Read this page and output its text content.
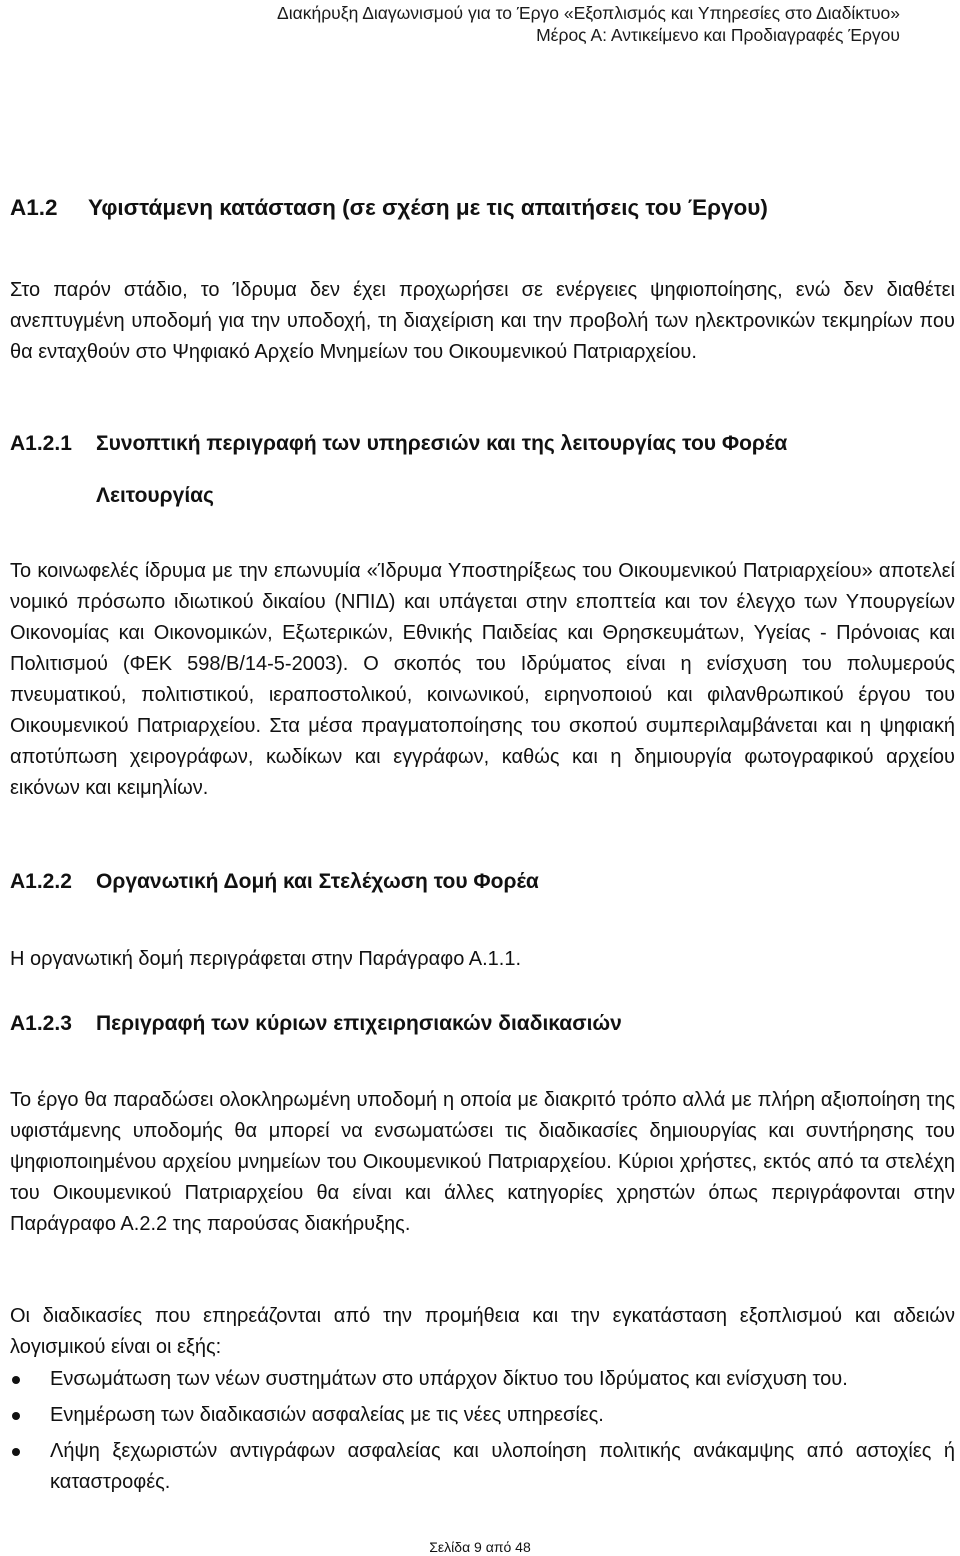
Διακήρυξη Διαγωνισμού για το Έργο «Εξοπλισμός και Υπηρεσίες στο Διαδίκτυο»
Μέρος Α: Αντικείμενο και Προδιαγραφές Έργου
Α1.2 Υφιστάμενη κατάσταση (σε σχέση με τις απαιτήσεις του Έργου)

Στο παρόν στάδιο, το Ίδρυμα δεν έχει προχωρήσει σε ενέργειες ψηφιοποίησης, ενώ δεν διαθέτει ανεπτυγμένη υποδομή για την υποδοχή, τη διαχείριση και την προβολή των ηλεκτρονικών τεκμηρίων που θα ενταχθούν στο Ψηφιακό Αρχείο Μνημείων του Οικουμενικού Πατριαρχείου.

Α1.2.1 Συνοπτική περιγραφή των υπηρεσιών και της λειτουργίας του Φορέα
Λειτουργίας

Το κοινωφελές ίδρυμα με την επωνυμία «Ίδρυμα Υποστηρίξεως του Οικουμενικού Πατριαρχείου» αποτελεί νομικό πρόσωπο ιδιωτικού δικαίου (ΝΠΙΔ) και υπάγεται στην εποπτεία και τον έλεγχο των Υπουργείων Οικονομίας και Οικονομικών, Εξωτερικών, Εθνικής Παιδείας και Θρησκευμάτων, Υγείας - Πρόνοιας και Πολιτισμού (ΦΕΚ 598/Β/14-5-2003). Ο σκοπός του Ιδρύματος είναι η ενίσχυση του πολυμερούς πνευματικού, πολιτιστικού, ιεραποστολικού, κοινωνικού, ειρηνοποιού και φιλανθρωπικού έργου του Οικουμενικού Πατριαρχείου. Στα μέσα πραγματοποίησης του σκοπού συμπεριλαμβάνεται και η ψηφιακή αποτύπωση χειρογράφων, κωδίκων και εγγράφων, καθώς και η δημιουργία φωτογραφικού αρχείου εικόνων και κειμηλίων.

Α1.2.2 Οργανωτική Δομή και Στελέχωση του Φορέα

Η οργανωτική δομή περιγράφεται στην Παράγραφο Α.1.1.

Α1.2.3 Περιγραφή των κύριων επιχειρησιακών διαδικασιών

Το έργο θα παραδώσει ολοκληρωμένη υποδομή η οποία με διακριτό τρόπο αλλά με πλήρη αξιοποίηση της υφιστάμενης υποδομής θα μπορεί να ενσωματώσει τις διαδικασίες δημιουργίας και συντήρησης του ψηφιοποιημένου αρχείου μνημείων του Οικουμενικού Πατριαρχείου. Κύριοι χρήστες, εκτός από τα στελέχη του Οικουμενικού Πατριαρχείου θα είναι και άλλες κατηγορίες χρηστών όπως περιγράφονται στην Παράγραφο Α.2.2 της παρούσας διακήρυξης.

Οι διαδικασίες που επηρεάζονται από την προμήθεια και την εγκατάσταση εξοπλισμού και αδειών λογισμικού είναι οι εξής:

Ενσωμάτωση των νέων συστημάτων στο υπάρχον δίκτυο του Ιδρύματος και ενίσχυση του.
Ενημέρωση των διαδικασιών ασφαλείας με τις νέες υπηρεσίες.
Λήψη ξεχωριστών αντιγράφων ασφαλείας και υλοποίηση πολιτικής ανάκαμψης από αστοχίες ή καταστροφές.
Σελίδα 9 από 48
